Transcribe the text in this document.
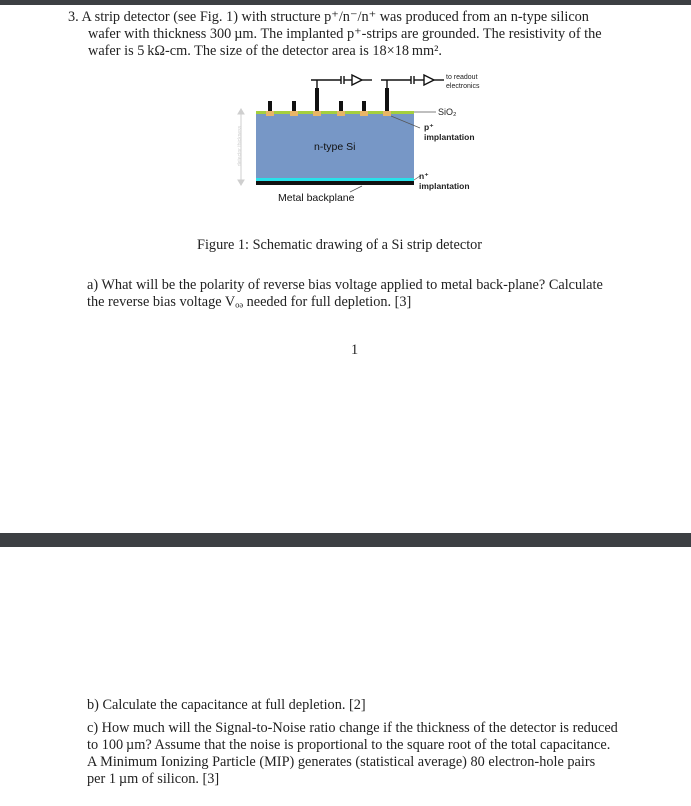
3. A strip detector (see Fig. 1) with structure p⁺/n⁻/n⁺ was produced from an n-type silicon
wafer with thickness 300 µm. The implanted p⁺-strips are grounded. The resistivity of the
wafer is 5 kΩ-cm. The size of the detector area is 18×18 mm².
to readout
electronics
SiO₂
p⁺
implantation
n⁺
implantation
n-type Si
Metal backplane
detector thickness
Figure 1: Schematic drawing of a Si strip detector
a) What will be the polarity of reverse bias voltage applied to metal back-plane? Calculate
the reverse bias voltage Vₒₔ needed for full depletion. [3]
1
b) Calculate the capacitance at full depletion. [2]
c) How much will the Signal-to-Noise ratio change if the thickness of the detector is reduced
to 100 µm? Assume that the noise is proportional to the square root of the total capacitance.
A Minimum Ionizing Particle (MIP) generates (statistical average) 80 electron-hole pairs
per 1 µm of silicon. [3]
